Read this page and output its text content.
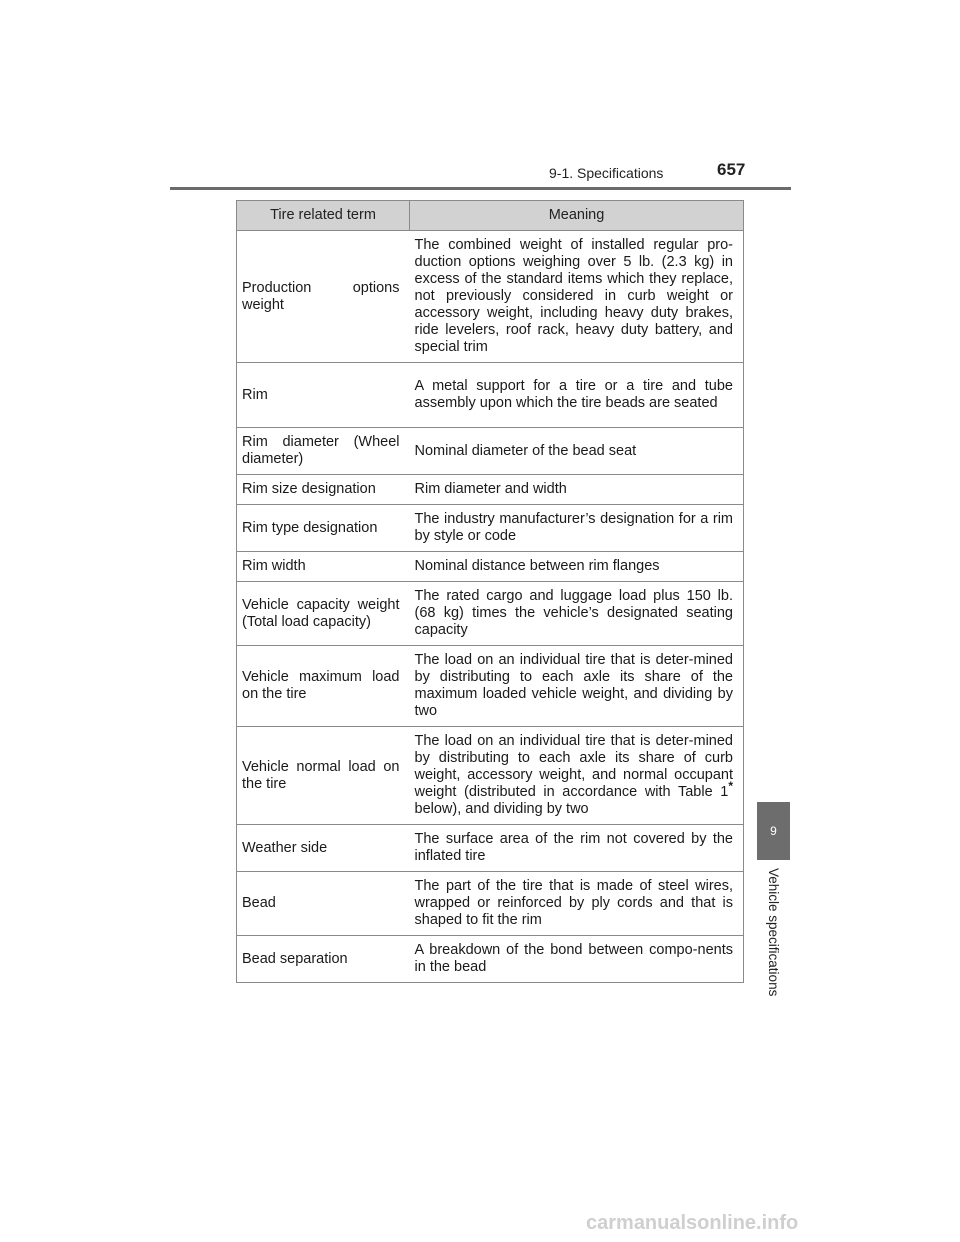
9-1. Specifications	657
9
Vehicle specifications
Tire related term	Meaning
Production options weight	The combined weight of installed regular pro-duction options weighing over 5 lb. (2.3 kg) in excess of the standard items which they replace, not previously considered in curb weight or accessory weight, including heavy duty brakes, ride levelers, roof rack, heavy duty battery, and special trim
Rim	A metal support for a tire or a tire and tube assembly upon which the tire beads are seated
Rim diameter (Wheel diameter)	Nominal diameter of the bead seat
Rim size designation	Rim diameter and width
Rim type designation	The industry manufacturer’s designation for a rim by style or code
Rim width	Nominal distance between rim flanges
Vehicle capacity weight (Total load capacity)	The rated cargo and luggage load plus 150 lb. (68 kg) times the vehicle’s designated seating capacity
Vehicle maximum load on the tire	The load on an individual tire that is deter-mined by distributing to each axle its share of the maximum loaded vehicle weight, and dividing by two
Vehicle normal load on the tire	The load on an individual tire that is deter-mined by distributing to each axle its share of curb weight, accessory weight, and normal occupant weight (distributed in accordance with Table 1* below), and dividing by two
Weather side	The surface area of the rim not covered by the inflated tire
Bead	The part of the tire that is made of steel wires, wrapped or reinforced by ply cords and that is shaped to fit the rim
Bead separation	A breakdown of the bond between compo-nents in the bead
carmanualsonline.info
